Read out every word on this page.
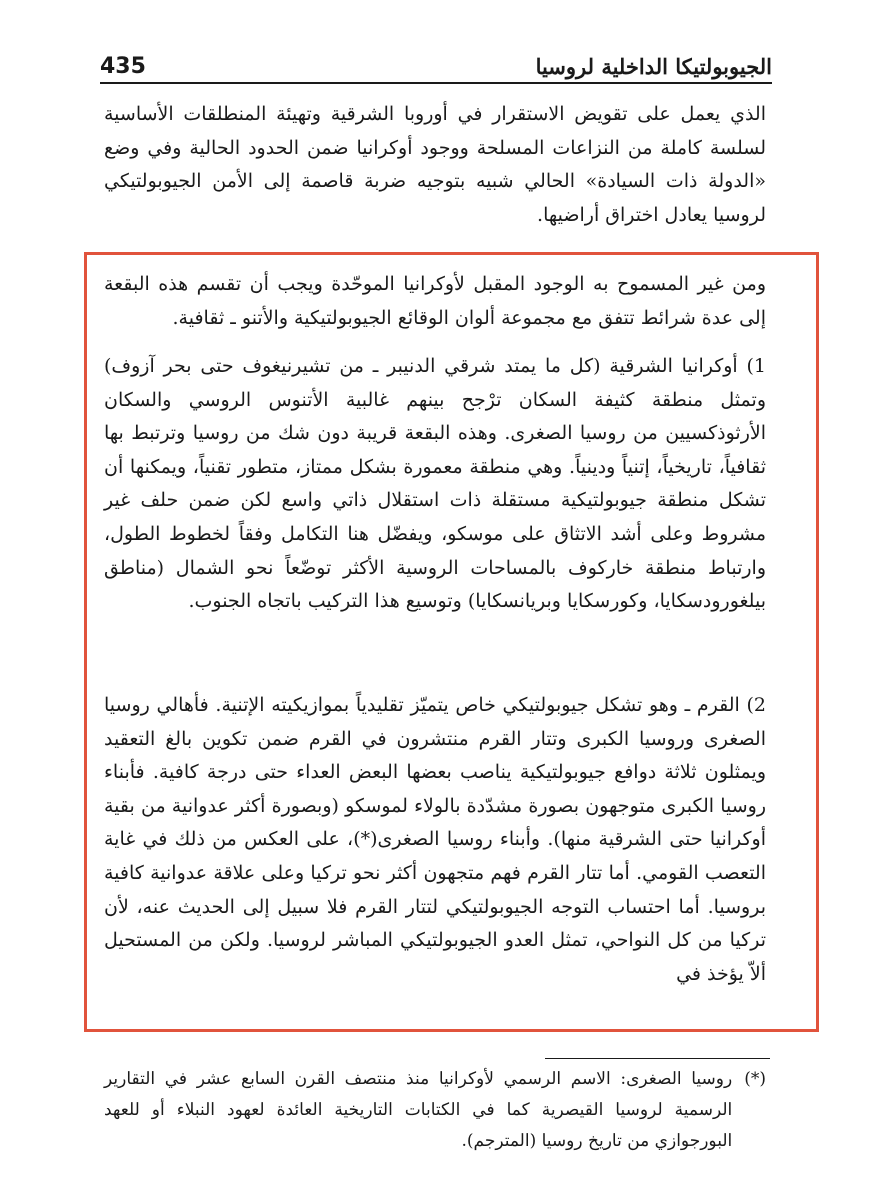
435	الجيوبولتيكا الداخلية لروسيا

الذي يعمل على تقويض الاستقرار في أوروبا الشرقية وتهيئة المنطلقات الأساسية لسلسة كاملة من النزاعات المسلحة ووجود أوكرانيا ضمن الحدود الحالية وفي وضع «الدولة ذات السيادة» الحالي شبيه بتوجيه ضربة قاصمة إلى الأمن الجيوبولتيكي لروسيا يعادل اختراق أراضيها.

ومن غير المسموح به الوجود المقبل لأوكرانيا الموحّدة ويجب أن تقسم هذه البقعة إلى عدة شرائط تتفق مع مجموعة ألوان الوقائع الجيوبولتيكية والأتنو ـ ثقافية.

1) أوكرانيا الشرقية (كل ما يمتد شرقي الدنيبر ـ من تشيرنيغوف حتى بحر آزوف) وتمثل منطقة كثيفة السكان ترْجح بينهم غالبية الأتنوس الروسي والسكان الأرثوذكسيين من روسيا الصغرى. وهذه البقعة قريبة دون شك من روسيا وترتبط بها ثقافياً، تاريخياً، إتنياً ودينياً. وهي منطقة معمورة بشكل ممتاز، متطور تقنياً، ويمكنها أن تشكل منطقة جيوبولتيكية مستقلة ذات استقلال ذاتي واسع لكن ضمن حلف غير مشروط وعلى أشد الاتثاق على موسكو، ويفضّل هنا التكامل وفقاً لخطوط الطول، وارتباط منطقة خاركوف بالمساحات الروسية الأكثر توضّعاً نحو الشمال (مناطق بيلغورودسكايا، وكورسكايا وبريانسكايا) وتوسيع هذا التركيب باتجاه الجنوب.

2) القرم ـ وهو تشكل جيوبولتيكي خاص يتميّز تقليدياً بموازيكيته الإتنية. فأهالي روسيا الصغرى وروسيا الكبرى وتتار القرم منتشرون في القرم ضمن تكوين بالغ التعقيد ويمثلون ثلاثة دوافع جيوبولتيكية يناصب بعضها البعض العداء حتى درجة كافية. فأبناء روسيا الكبرى متوجهون بصورة مشدّدة بالولاء لموسكو (وبصورة أكثر عدوانية من بقية أوكرانيا حتى الشرقية منها). وأبناء روسيا الصغرى(*)، على العكس من ذلك في غاية التعصب القومي. أما تتار القرم فهم متجهون أكثر نحو تركيا وعلى علاقة عدوانية كافية بروسيا. أما احتساب التوجه الجيوبولتيكي لتتار القرم فلا سبيل إلى الحديث عنه، لأن تركيا من كل النواحي، تمثل العدو الجيوبولتيكي المباشر لروسيا. ولكن من المستحيل ألاّ يؤخذ في

(*)

روسيا الصغرى: الاسم الرسمي لأوكرانيا منذ منتصف القرن السابع عشر في التقارير الرسمية لروسيا القيصرية كما في الكتابات التاريخية العائدة لعهود النبلاء أو للعهد البورجوازي من تاريخ روسيا (المترجم).
